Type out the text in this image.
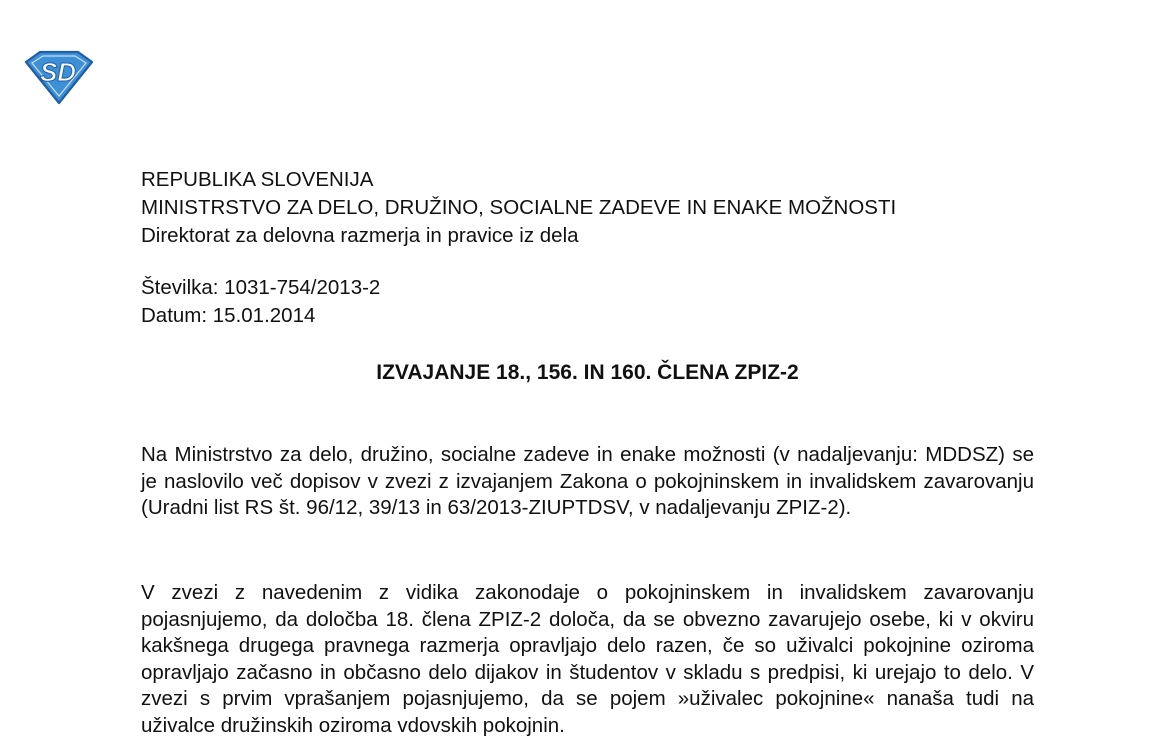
SD
REPUBLIKA SLOVENIJA
MINISTRSTVO ZA DELO, DRUŽINO, SOCIALNE ZADEVE IN ENAKE MOŽNOSTI
Direktorat za delovna razmerja in pravice iz dela
Številka: 1031-754/2013-2
Datum: 15.01.2014
IZVAJANJE 18., 156. IN 160. ČLENA ZPIZ-2

Na Ministrstvo za delo, družino, socialne zadeve in enake možnosti (v nadaljevanju: MDDSZ) se je naslovilo več dopisov v zvezi z izvajanjem Zakona o pokojninskem in invalidskem zavarovanju (Uradni list RS št. 96/12, 39/13 in 63/2013-ZIUPTDSV, v nadaljevanju ZPIZ-2).

V zvezi z navedenim z vidika zakonodaje o pokojninskem in invalidskem zavarovanju pojasnjujemo, da določba 18. člena ZPIZ-2 določa, da se obvezno zavarujejo osebe, ki v okviru kakšnega drugega pravnega razmerja opravljajo delo razen, če so uživalci pokojnine oziroma opravljajo začasno in občasno delo dijakov in študentov v skladu s predpisi, ki urejajo to delo. V zvezi s prvim vprašanjem pojasnjujemo, da se pojem »uživalec pokojnine« nanaša tudi na uživalce družinskih oziroma vdovskih pokojnin.
